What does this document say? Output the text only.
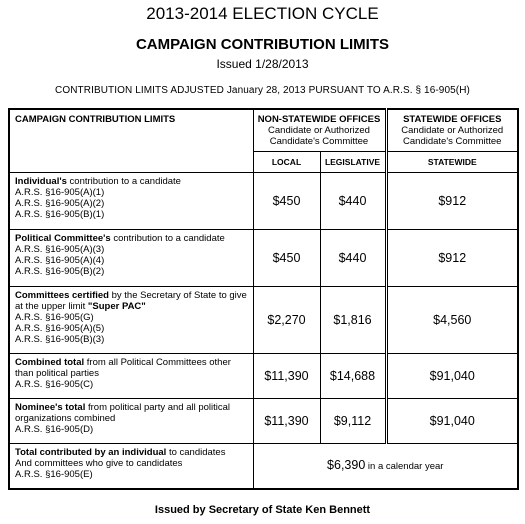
2013-2014 ELECTION CYCLE
CAMPAIGN CONTRIBUTION LIMITS
Issued 1/28/2013
CONTRIBUTION LIMITS ADJUSTED January 28, 2013 PURSUANT TO A.R.S. § 16-905(H)
CAMPAIGN CONTRIBUTION LIMITS	NON-STATEWIDE OFFICES
Candidate or Authorized
Candidate's Committee		STATEWIDE OFFICES
Candidate or Authorized
Candidate's Committee

	LOCAL	LEGISLATIVE	STATEWIDE

Individual's contribution to a candidate
A.R.S. §16-905(A)(1)
A.R.S. §16-905(A)(2)
A.R.S. §16-905(B)(1)	$450	$440	$912

Political Committee's contribution to a candidate
A.R.S. §16-905(A)(3)
A.R.S. §16-905(A)(4)
A.R.S. §16-905(B)(2)	$450	$440	$912

Committees certified by the Secretary of State to give at the upper limit "Super PAC"
A.R.S. §16-905(G)
A.R.S. §16-905(A)(5)
A.R.S. §16-905(B)(3)	$2,270	$1,816	$4,560

Combined total from all Political Committees other than political parties
A.R.S. §16-905(C)	$11,390	$14,688	$91,040

Nominee's total from political party and all political organizations combined
A.R.S. §16-905(D)	$11,390	$9,112	$91,040

Total contributed by an individual to candidates
And committees who give to candidates
A.R.S. §16-905(E)	$6,390 in a calendar year		
Issued by Secretary of State Ken Bennett
